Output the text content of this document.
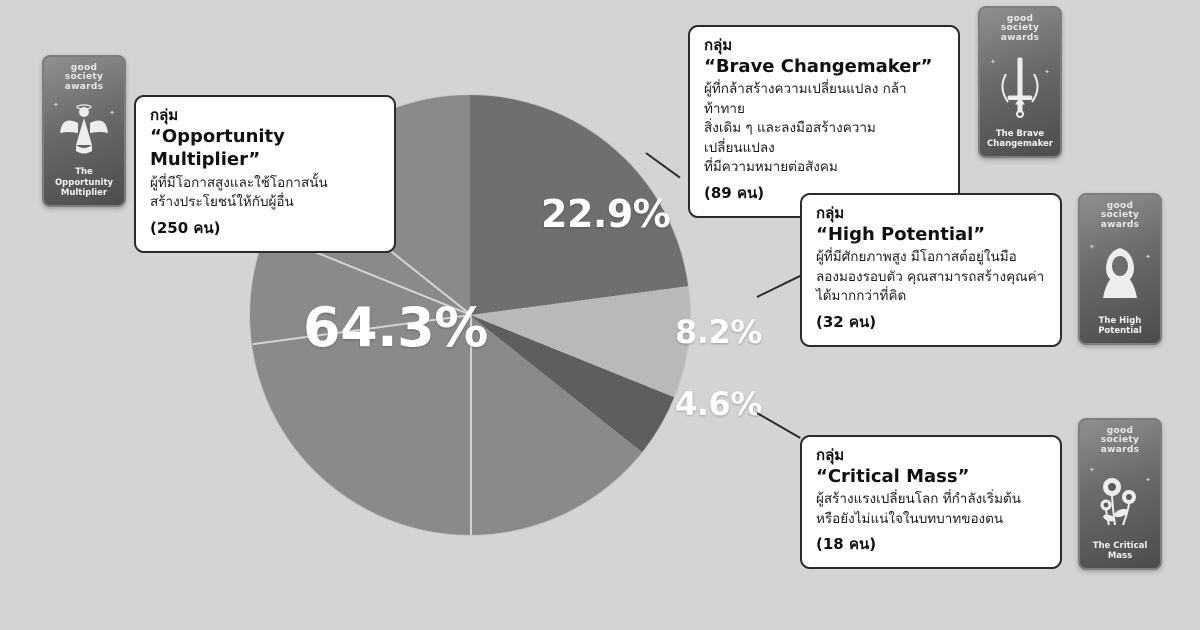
64.3%
22.9%
8.2%
4.6%
กลุ่ม
“Opportunity Multiplier”
ผู้ที่มีโอกาสสูงและใช้โอกาสนั้น
สร้างประโยชน์ให้กับผู้อื่น
(250 คน)
กลุ่ม
“Brave Changemaker”
ผู้ที่กล้าสร้างความเปลี่ยนแปลง กล้าท้าทาย
สิ่งเดิม ๆ และลงมือสร้างความเปลี่ยนแปลง
ที่มีความหมายต่อสังคม
(89 คน)
กลุ่ม
“High Potential”
ผู้ที่มีศักยภาพสูง มีโอกาสต์อยู่ในมือ
ลองมองรอบตัว คุณสามารถสร้างคุณค่า
ได้มากกว่าที่คิด
(32 คน)
กลุ่ม
“Critical Mass”
ผู้สร้างแรงเปลี่ยนโลก ที่กำลังเริ่มต้น
หรือยังไม่แน่ใจในบทบาทของตน
(18 คน)
good
society
awards
The Opportunity
Multiplier
✦
✦
good
society
awards
The Brave
Changemaker
✦
✦
good
society
awards
The High
Potential
✦
✦
good
society
awards
The Critical
Mass
✦
✦
